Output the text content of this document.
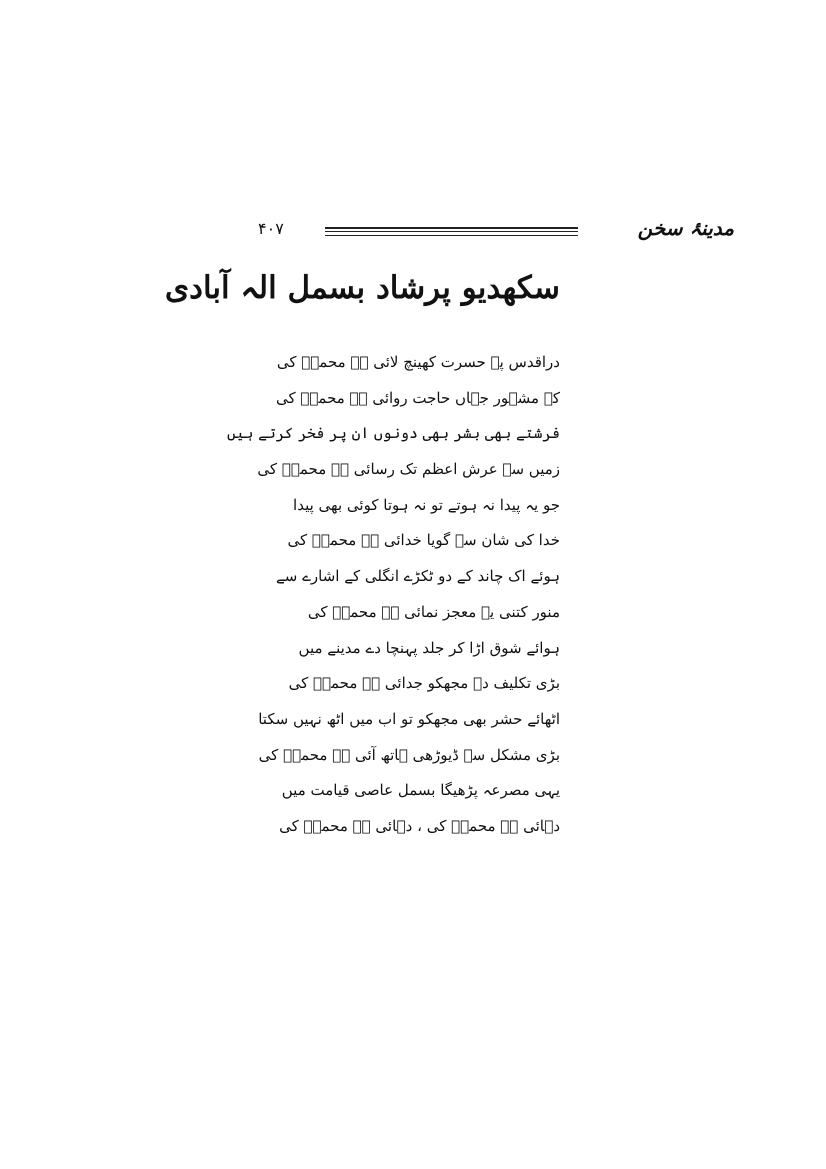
مدینۂ سخن
۴۰۷
سکھدیو پرشاد بسمل الہ آبادی
دراقدس پہ حسرت کھینچ لائی ہے محمدؐ کی
کہ مشہور جہاں حاجت روائی ہے محمدؐ کی
فرشتے بھی بشر بھی دونوں ان پر فخر کرتے ہیں
زمیں سے عرش اعظم تک رسائی ہے محمدؐ کی
جو یہ پیدا نہ ہوتے تو نہ ہوتا کوئی بھی پیدا
خدا کی شان سے گویا خدائی ہے محمدؐ کی
ہوئے اک چاند کے دو ٹکڑے انگلی کے اشارے سے
منور کتنی یہ معجز نمائی ہے محمدؐ کی
ہوائے شوق اڑا کر جلد پہنچا دے مدینے میں
بڑی تکلیف دہ مجھکو جدائی ہے محمدؐ کی
اٹھائے حشر بھی مجھکو تو اب میں اٹھ نہیں سکتا
بڑی مشکل سے ڈیوڑھی ہاتھ آئی ہے محمدؐ کی
یہی مصرعہ پڑھیگا بسمل عاصی قیامت میں
دہائی ہے محمدؐ کی ، دہائی ہے محمدؐ کی
